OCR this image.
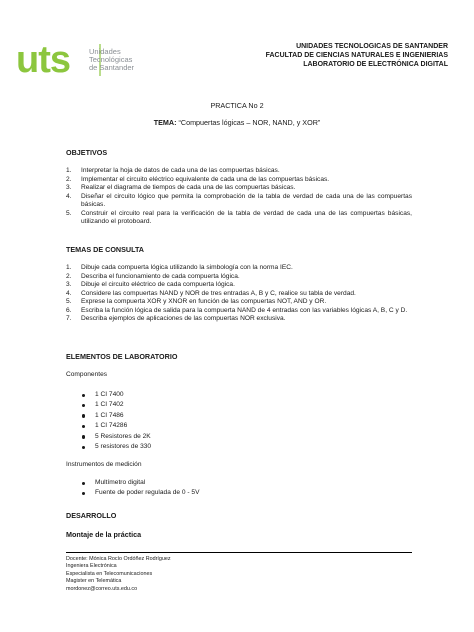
uts	Unidades
Tecnológicas
de Santander
UNIDADES TECNOLOGICAS DE SANTANDER
FACULTAD DE CIENCIAS NATURALES E INGENIERIAS
LABORATORIO DE ELECTRÓNICA DIGITAL
PRACTICA No 2
TEMA: “Compuertas lógicas – NOR, NAND, y XOR”
OBJETIVOS
1. Interpretar la hoja de datos de cada una de las compuertas básicas.
2. Implementar el circuito eléctrico equivalente de cada una de las compuertas básicas.
3. Realizar el diagrama de tiempos de cada una de las compuertas básicas.
4. Diseñar el circuito lógico que permita la comprobación de la tabla de verdad de cada una de las compuertas básicas.
5. Construir el circuito real para la verificación de la tabla de verdad de cada una de las compuertas básicas, utilizando el protoboard.
TEMAS DE CONSULTA
1. Dibuje cada compuerta lógica utilizando la simbología con la norma IEC.
2. Describa el funcionamiento de cada compuerta lógica.
3. Dibuje el circuito eléctrico de cada compuerta lógica.
4. Considere las compuertas NAND y NOR de tres entradas A, B y C, realice su tabla de verdad.
5. Exprese la compuerta XOR y XNOR en función de las compuertas NOT, AND y OR.
6. Escriba la función lógica de salida para la compuerta NAND de 4 entradas con las variables lógicas A, B, C y D.
7. Describa ejemplos de aplicaciones de las compuertas NOR exclusiva.
ELEMENTOS DE LABORATORIO
Componentes
1 CI 7400
1 CI 7402
1 CI 7486
1 CI 74286
5 Resistores de 2K
5 resistores de 330
Instrumentos de medición
Multímetro digital
Fuente de poder regulada de 0 - 5V
DESARROLLO
Montaje de la práctica
Docente: Mónica Rocío Ordóñez Rodríguez
Ingeniera Electrónica
Especialista en Telecomunicaciones
Magister en Telemática
mordonez@correo.uts.edu.co
